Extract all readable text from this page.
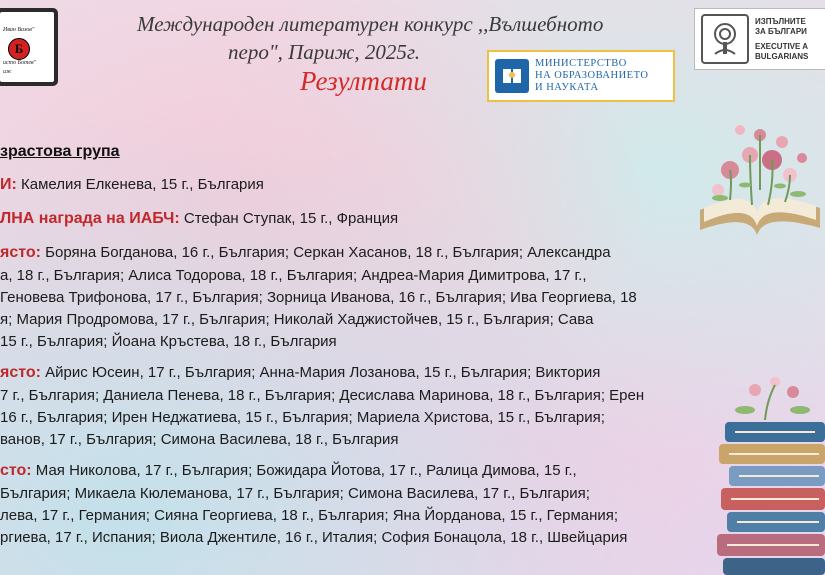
Иван Вазов"
Б
исто Ботев"
иж
Международен литературен конкурс ,,Вълшебното
перо", Париж, 2025г.
Резултати
МИНИСТЕРСТВО
НА ОБРАЗОВАНИЕТО
И НАУКАТА
ИЗПЪЛНИТЕ
ЗА БЪЛГАРИ
EXECUTIVE A
BULGARIANS
зрастова група
И: Камелия Елкенева, 15 г., България
ЛНА награда на ИАБЧ: Стефан Ступак, 15 г., Франция
ясто: Боряна Богданова, 16 г., България; Серкан Хасанов, 18 г., България; Александра
а, 18 г., България; Алиса Тодорова, 18 г., България; Андреа-Мария Димитрова, 17 г.,
Геновева Трифонова, 17 г., България; Зорница Иванова, 16 г., България; Ива Георгиева, 18
я; Мария Продромова, 17 г., България; Николай Хаджистойчев, 15 г., България; Сава
15 г., България; Йоана Кръстева, 18 г., България
ясто: Айрис Юсеин, 17 г., България; Анна-Мария Лозанова, 15 г., България; Виктория
7 г., България; Даниела Пенева, 18 г., България; Десислава Маринова, 18 г., България; Ерен
16 г., България; Ирен Неджатиева, 15 г., България; Мариела Христова, 15 г., България;
ванов, 17 г., България; Симона Василева, 18 г., България
сто: Мая Николова, 17 г., България; Божидара Йотова, 17 г., Ралица Димова, 15 г.,
България; Микаела Кюлеманова, 17 г., България; Симона Василева, 17 г., България;
лева, 17 г., Германия; Сияна Георгиева, 18 г., България; Яна Йорданова, 15 г., Германия;
ргиева, 17 г., Испания; Виола Джентиле, 16 г., Италия; София Бонацола, 18 г., Швейцария
